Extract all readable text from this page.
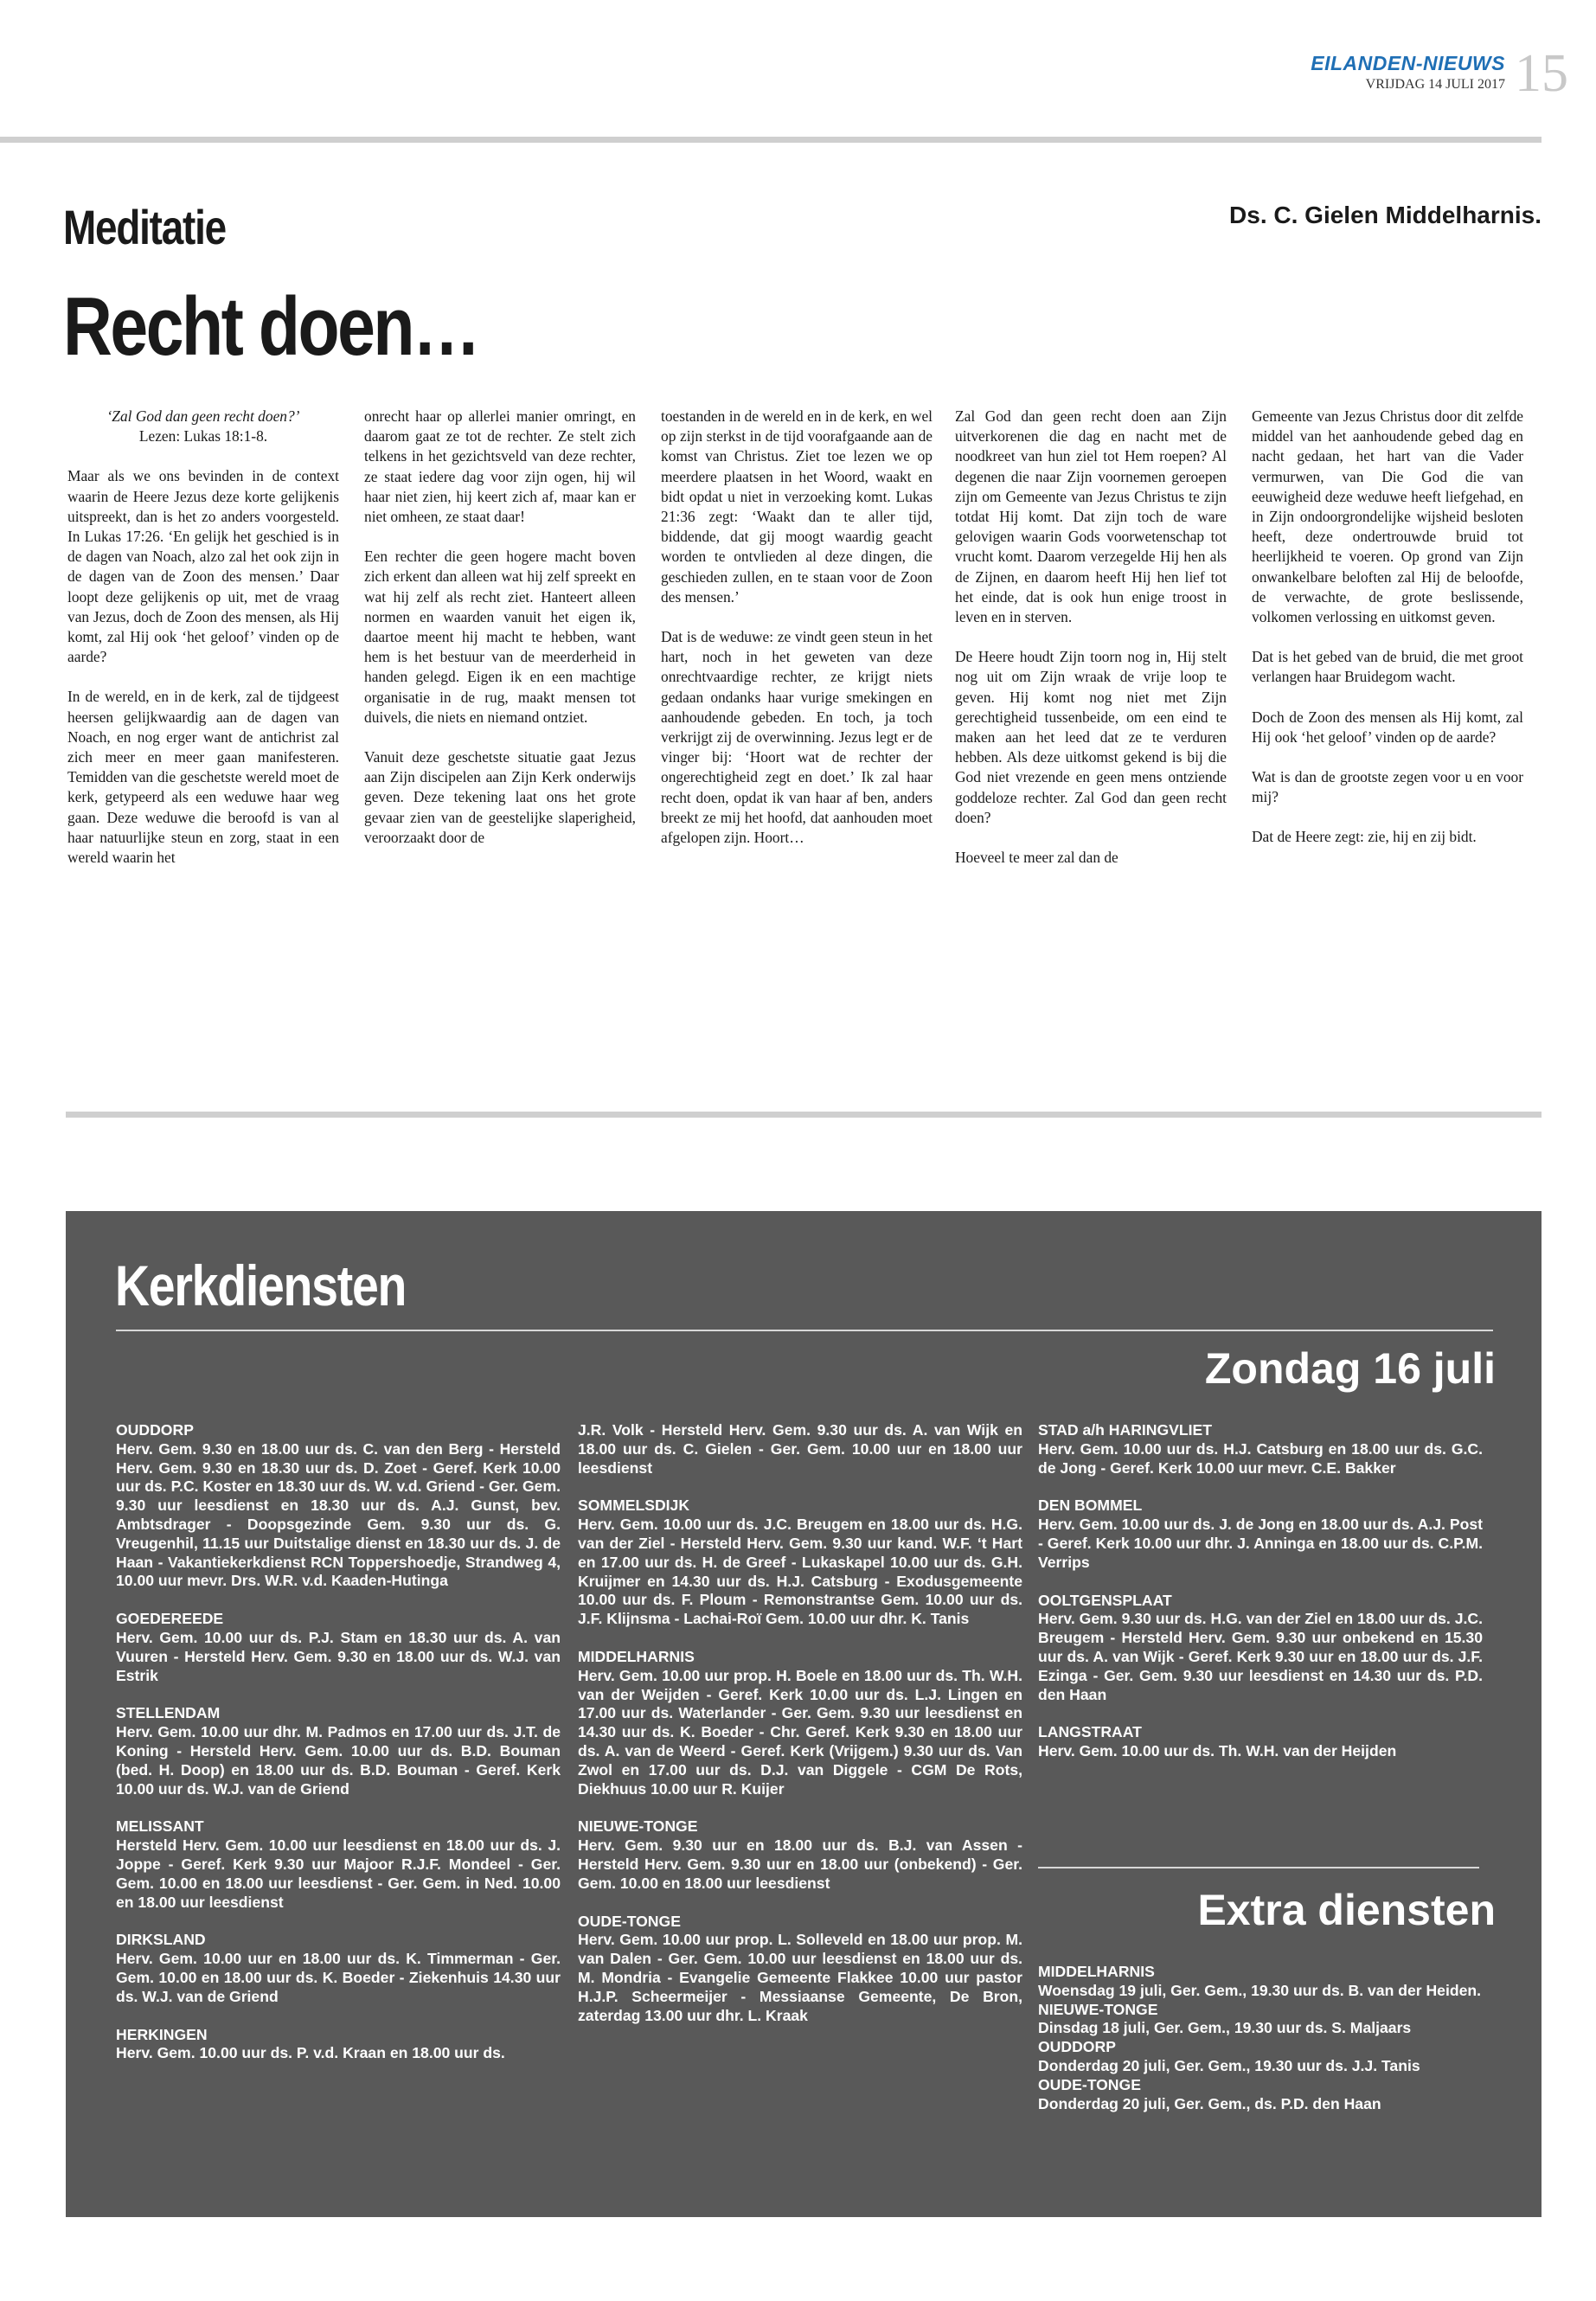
EILANDEN-NIEUWS
VRIJDAG 14 JULI 2017 15
Meditatie	Ds. C. Gielen Middelharnis.
Recht doen…

‘Zal God dan geen recht doen?’

Lezen: Lukas 18:1-8.

Maar als we ons bevinden in de context waarin de Heere Jezus deze korte gelijkenis uitspreekt, dan is het zo anders voorgesteld. In Lukas 17:26. ‘En gelijk het geschied is in de dagen van Noach, alzo zal het ook zijn in de dagen van de Zoon des mensen.’ Daar loopt deze gelijkenis op uit, met de vraag van Jezus, doch de Zoon des mensen, als Hij komt, zal Hij ook ‘het geloof’ vinden op de aarde?

In de wereld, en in de kerk, zal de tijdgeest heersen gelijkwaardig aan de dagen van Noach, en nog erger want de antichrist zal zich meer en meer gaan manifesteren. Temidden van die geschetste wereld moet de kerk, getypeerd als een weduwe haar weg gaan. Deze weduwe die beroofd is van al haar natuurlijke steun en zorg, staat in een wereld waarin het

onrecht haar op allerlei manier omringt, en daarom gaat ze tot de rechter. Ze stelt zich telkens in het gezichtsveld van deze rechter, ze staat iedere dag voor zijn ogen, hij wil haar niet zien, hij keert zich af, maar kan er niet omheen, ze staat daar!

Een rechter die geen hogere macht boven zich erkent dan alleen wat hij zelf spreekt en wat hij zelf als recht ziet. Hanteert alleen normen en waarden vanuit het eigen ik, daartoe meent hij macht te hebben, want hem is het bestuur van de meerderheid in handen gelegd. Eigen ik en een machtige organisatie in de rug, maakt mensen tot duivels, die niets en niemand ontziet.

Vanuit deze geschetste situatie gaat Jezus aan Zijn discipelen aan Zijn Kerk onderwijs geven. Deze tekening laat ons het grote gevaar zien van de geestelijke slaperigheid, veroorzaakt door de

toestanden in de wereld en in de kerk, en wel op zijn sterkst in de tijd voorafgaande aan de komst van Christus. Ziet toe lezen we op meerdere plaatsen in het Woord, waakt en bidt opdat u niet in verzoeking komt. Lukas 21:36 zegt: ‘Waakt dan te aller tijd, biddende, dat gij moogt waardig geacht worden te ontvlieden al deze dingen, die geschieden zullen, en te staan voor de Zoon des mensen.’

Dat is de weduwe: ze vindt geen steun in het hart, noch in het geweten van deze onrechtvaardige rechter, ze krijgt niets gedaan ondanks haar vurige smekingen en aanhoudende gebeden. En toch, ja toch verkrijgt zij de overwinning. Jezus legt er de vinger bij: ‘Hoort wat de rechter der ongerechtigheid zegt en doet.’ Ik zal haar recht doen, opdat ik van haar af ben, anders breekt ze mij het hoofd, dat aanhouden moet afgelopen zijn. Hoort…

Zal God dan geen recht doen aan Zijn uitverkorenen die dag en nacht met de noodkreet van hun ziel tot Hem roepen? Al degenen die naar Zijn voornemen geroepen zijn om Gemeente van Jezus Christus te zijn totdat Hij komt. Dat zijn toch de ware gelovigen waarin Gods voorwetenschap tot vrucht komt. Daarom verzegelde Hij hen als de Zijnen, en daarom heeft Hij hen lief tot het einde, dat is ook hun enige troost in leven en in sterven.

De Heere houdt Zijn toorn nog in, Hij stelt nog uit om Zijn wraak de vrije loop te geven. Hij komt nog niet met Zijn gerechtigheid tussenbeide, om een eind te maken aan het leed dat ze te verduren hebben. Als deze uitkomst gekend is bij die God niet vrezende en geen mens ontziende goddeloze rechter. Zal God dan geen recht doen?

Hoeveel te meer zal dan de

Gemeente van Jezus Christus door dit zelfde middel van het aanhoudende gebed dag en nacht gedaan, het hart van die Vader vermurwen, van Die God die van eeuwigheid deze weduwe heeft liefgehad, en in Zijn ondoorgrondelijke wijsheid besloten heeft, deze ondertrouwde bruid tot heerlijkheid te voeren. Op grond van Zijn onwankelbare beloften zal Hij de beloofde, de verwachte, de grote beslissende, volkomen verlossing en uitkomst geven.

Dat is het gebed van de bruid, die met groot verlangen haar Bruidegom wacht.

Doch de Zoon des mensen als Hij komt, zal Hij ook ‘het geloof’ vinden op de aarde?

Wat is dan de grootste zegen voor u en voor mij?

Dat de Heere zegt: zie, hij en zij bidt.

Kerkdiensten
Zondag 16 juli
OUDDORP
Herv. Gem. 9.30 en 18.00 uur ds. C. van den Berg - Hersteld Herv. Gem. 9.30 en 18.30 uur ds. D. Zoet - Geref. Kerk 10.00 uur ds. P.C. Koster en 18.30 uur ds. W. v.d. Griend - Ger. Gem. 9.30 uur leesdienst en 18.30 uur ds. A.J. Gunst, bev. Ambtsdrager - Doopsgezinde Gem. 9.30 uur ds. G. Vreugenhil, 11.15 uur Duitstalige dienst en 18.30 uur ds. J. de Haan - Vakantiekerkdienst RCN Toppershoedje, Strandweg 4, 10.00 uur mevr. Drs. W.R. v.d. Kaaden-Hutinga
GOEDEREEDE
Herv. Gem. 10.00 uur ds. P.J. Stam en 18.30 uur ds. A. van Vuuren - Hersteld Herv. Gem. 9.30 en 18.00 uur ds. W.J. van Estrik
STELLENDAM
Herv. Gem. 10.00 uur dhr. M. Padmos en 17.00 uur ds. J.T. de Koning - Hersteld Herv. Gem. 10.00 uur ds. B.D. Bouman (bed. H. Doop) en 18.00 uur ds. B.D. Bouman - Geref. Kerk 10.00 uur ds. W.J. van de Griend
MELISSANT
Hersteld Herv. Gem. 10.00 uur leesdienst en 18.00 uur ds. J. Joppe - Geref. Kerk 9.30 uur Majoor R.J.F. Mondeel - Ger. Gem. 10.00 en 18.00 uur leesdienst - Ger. Gem. in Ned. 10.00 en 18.00 uur leesdienst
DIRKSLAND
Herv. Gem. 10.00 uur en 18.00 uur ds. K. Timmerman - Ger. Gem. 10.00 en 18.00 uur ds. K. Boeder - Ziekenhuis 14.30 uur ds. W.J. van de Griend
HERKINGEN
Herv. Gem. 10.00 uur ds. P. v.d. Kraan en 18.00 uur ds.
J.R. Volk - Hersteld Herv. Gem. 9.30 uur ds. A. van Wijk en 18.00 uur ds. C. Gielen - Ger. Gem. 10.00 uur en 18.00 uur leesdienst
SOMMELSDIJK
Herv. Gem. 10.00 uur ds. J.C. Breugem en 18.00 uur ds. H.G. van der Ziel - Hersteld Herv. Gem. 9.30 uur kand. W.F. ‘t Hart en 17.00 uur ds. H. de Greef - Lukaskapel 10.00 uur ds. G.H. Kruijmer en 14.30 uur ds. H.J. Catsburg - Exodusgemeente 10.00 uur ds. F. Ploum - Remonstrantse Gem. 10.00 uur ds. J.F. Klijnsma - Lachai-Roï Gem. 10.00 uur dhr. K. Tanis
MIDDELHARNIS
Herv. Gem. 10.00 uur prop. H. Boele en 18.00 uur ds. Th. W.H. van der Weijden - Geref. Kerk 10.00 uur ds. L.J. Lingen en 17.00 uur ds. Waterlander - Ger. Gem. 9.30 uur leesdienst en 14.30 uur ds. K. Boeder - Chr. Geref. Kerk 9.30 en 18.00 uur ds. A. van de Weerd - Geref. Kerk (Vrijgem.) 9.30 uur ds. Van Zwol en 17.00 uur ds. D.J. van Diggele - CGM De Rots, Diekhuus 10.00 uur R. Kuijer
NIEUWE-TONGE
Herv. Gem. 9.30 uur en 18.00 uur ds. B.J. van Assen - Hersteld Herv. Gem. 9.30 uur en 18.00 uur (onbekend) - Ger. Gem. 10.00 en 18.00 uur leesdienst
OUDE-TONGE
Herv. Gem. 10.00 uur prop. L. Solleveld en 18.00 uur prop. M. van Dalen - Ger. Gem. 10.00 uur leesdienst en 18.00 uur ds. M. Mondria - Evangelie Gemeente Flakkee 10.00 uur pastor H.J.P. Scheermeijer - Messiaanse Gemeente, De Bron, zaterdag 13.00 uur dhr. L. Kraak
STAD a/h HARINGVLIET
Herv. Gem. 10.00 uur ds. H.J. Catsburg en 18.00 uur ds. G.C. de Jong - Geref. Kerk 10.00 uur mevr. C.E. Bakker
DEN BOMMEL
Herv. Gem. 10.00 uur ds. J. de Jong en 18.00 uur ds. A.J. Post - Geref. Kerk 10.00 uur dhr. J. Anninga en 18.00 uur ds. C.P.M. Verrips
OOLTGENSPLAAT
Herv. Gem. 9.30 uur ds. H.G. van der Ziel en 18.00 uur ds. J.C. Breugem - Hersteld Herv. Gem. 9.30 uur onbekend en 15.30 uur ds. A. van Wijk - Geref. Kerk 9.30 uur en 18.00 uur ds. J.F. Ezinga - Ger. Gem. 9.30 uur leesdienst en 14.30 uur ds. P.D. den Haan
LANGSTRAAT
Herv. Gem. 10.00 uur ds. Th. W.H. van der Heijden
Extra diensten
MIDDELHARNIS
Woensdag 19 juli, Ger. Gem., 19.30 uur ds. B. van der Heiden.
NIEUWE-TONGE
Dinsdag 18 juli, Ger. Gem., 19.30 uur ds. S. Maljaars
OUDDORP
Donderdag 20 juli, Ger. Gem., 19.30 uur ds. J.J. Tanis
OUDE-TONGE
Donderdag 20 juli, Ger. Gem., ds. P.D. den Haan
